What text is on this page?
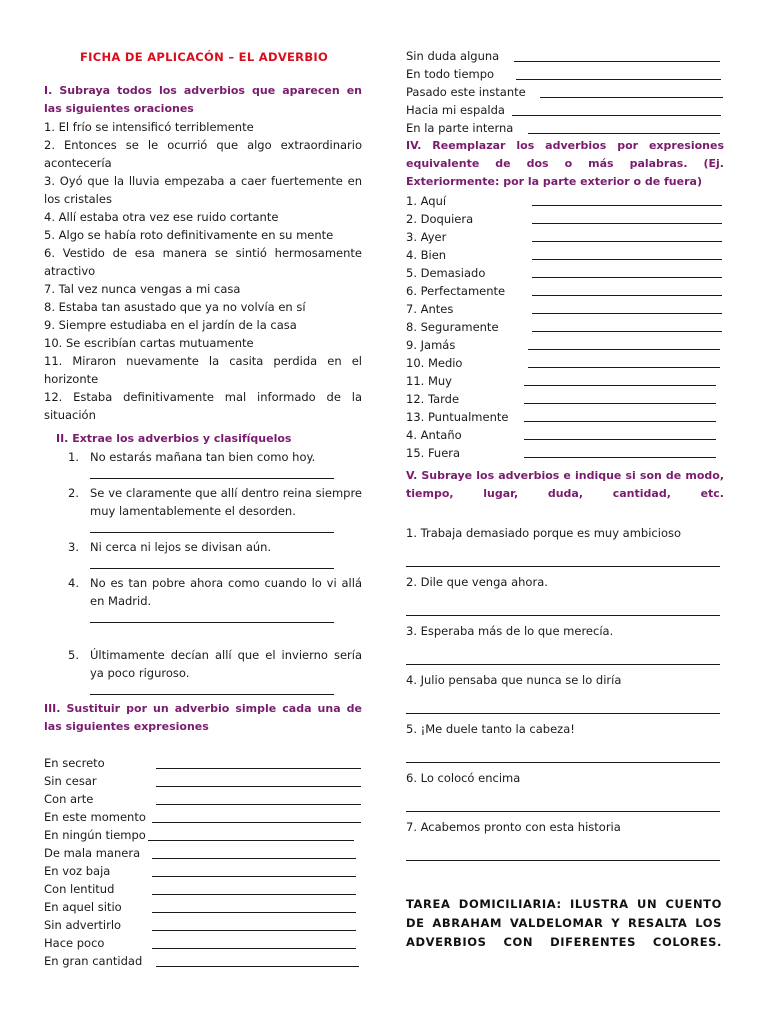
FICHA DE APLICACÓN – EL ADVERBIO
I. Subraya todos los adverbios que aparecen en
las siguientes oraciones
II. Extrae los adverbios y clasifíquelos
III. Sustituir por un adverbio simple cada una de
las siguientes expresiones
IV. Reemplazar los adverbios por expresiones
equivalente de dos o más palabras. (Ej.
Exteriormente: por la parte exterior o de fuera)
V. Subraye los adverbios e indique si son de modo,
tiempo, lugar, duda, cantidad, etc.
TAREA DOMICILIARIA: ILUSTRA UN CUENTO
DE ABRAHAM VALDELOMAR Y RESALTA LOS
ADVERBIOS CON DIFERENTES COLORES.
1. El frío se intensificó terriblemente
2. Entonces se le ocurrió que algo extraordinario
acontecería
3. Oyó que la lluvia empezaba a caer fuertemente en
los cristales
4. Allí estaba otra vez ese ruido cortante
5. Algo se había roto definitivamente en su mente
6. Vestido de esa manera se sintió hermosamente
atractivo
7. Tal vez nunca vengas a mi casa
8. Estaba tan asustado que ya no volvía en sí
9. Siempre estudiaba en el jardín de la casa
10. Se escribían cartas mutuamente
11. Miraron nuevamente la casita perdida en el
horizonte
12. Estaba definitivamente mal informado de la
situación
1. No estarás mañana tan bien como hoy.
2. Se ve claramente que allí dentro reina siempre
muy lamentablemente el desorden.
3. Ni cerca ni lejos se divisan aún.
4. No es tan pobre ahora como cuando lo vi allá
en Madrid.
5. Últimamente decían allí que el invierno sería
ya poco riguroso.
En secreto
Sin cesar
Con arte
En este momento
En ningún tiempo
De mala manera
En voz baja
Con lentitud
En aquel sitio
Sin advertirlo
Hace poco
En gran cantidad
Sin duda alguna
En todo tiempo
Pasado este instante
Hacia mi espalda
En la parte interna
1. Aquí
2. Doquiera
3. Ayer
4. Bien
5. Demasiado
6. Perfectamente
7. Antes
8. Seguramente
9. Jamás
10. Medio
11. Muy
12. Tarde
13. Puntualmente
4. Antaño
15. Fuera
1. Trabaja demasiado porque es muy ambicioso
2. Dile que venga ahora.
3. Esperaba más de lo que merecía.
4. Julio pensaba que nunca se lo diría
5. ¡Me duele tanto la cabeza!
6. Lo colocó encima
7. Acabemos pronto con esta historia
